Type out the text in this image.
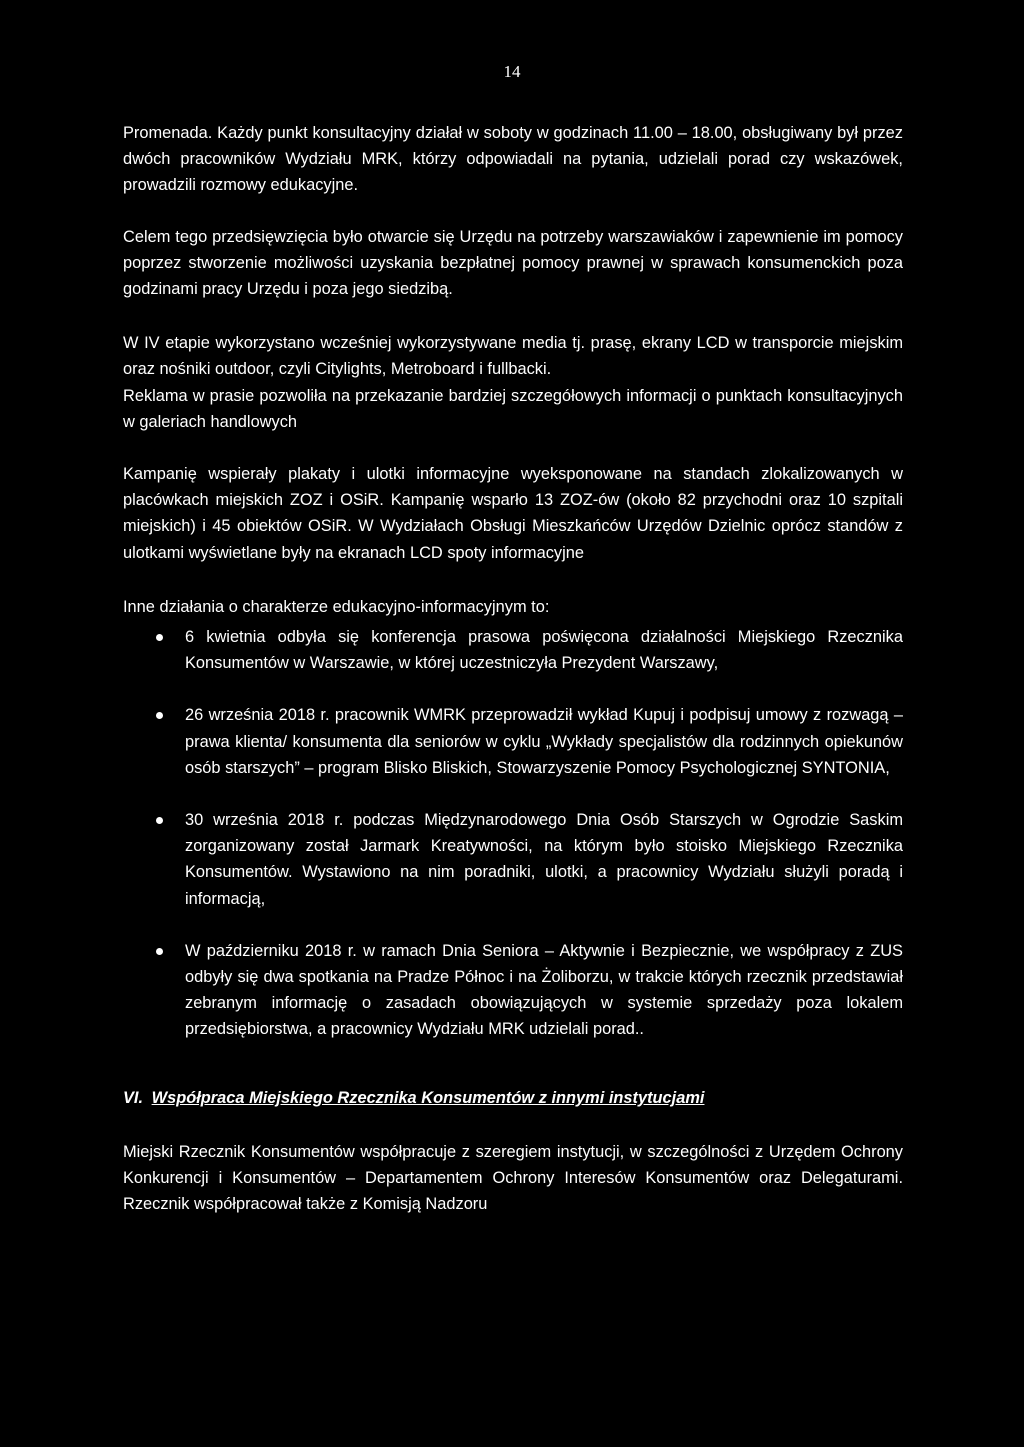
14

Promenada. Każdy punkt konsultacyjny działał w soboty w godzinach 11.00 – 18.00, obsługiwany był przez dwóch pracowników Wydziału MRK, którzy odpowiadali na pytania, udzielali porad czy wskazówek, prowadzili rozmowy edukacyjne.

Celem tego przedsięwzięcia było otwarcie się Urzędu na potrzeby warszawiaków i zapewnienie im pomocy poprzez stworzenie możliwości uzyskania bezpłatnej pomocy prawnej w sprawach konsumenckich poza godzinami pracy Urzędu i poza jego siedzibą.

W IV etapie wykorzystano wcześniej wykorzystywane media tj. prasę, ekrany LCD w transporcie miejskim oraz nośniki outdoor, czyli Citylights, Metroboard i fullbacki.

Reklama w prasie pozwoliła na przekazanie bardziej szczegółowych informacji o punktach konsultacyjnych w galeriach handlowych

Kampanię wspierały plakaty i ulotki informacyjne wyeksponowane na standach zlokalizowanych w placówkach miejskich ZOZ i OSiR. Kampanię wsparło 13 ZOZ-ów (około 82 przychodni oraz 10 szpitali miejskich) i 45 obiektów OSiR. W Wydziałach Obsługi Mieszkańców Urzędów Dzielnic oprócz standów z ulotkami wyświetlane były na ekranach LCD spoty informacyjne

Inne działania o charakterze edukacyjno-informacyjnym to:

6 kwietnia odbyła się konferencja prasowa poświęcona działalności Miejskiego Rzecznika Konsumentów w Warszawie, w której uczestniczyła Prezydent Warszawy,
26 września 2018 r. pracownik WMRK przeprowadził wykład Kupuj i podpisuj umowy z rozwagą – prawa klienta/ konsumenta dla seniorów w cyklu „Wykłady specjalistów dla rodzinnych opiekunów osób starszych” – program Blisko Bliskich, Stowarzyszenie Pomocy Psychologicznej SYNTONIA,
30 września 2018 r. podczas Międzynarodowego Dnia Osób Starszych w Ogrodzie Saskim zorganizowany został Jarmark Kreatywności, na którym było stoisko Miejskiego Rzecznika Konsumentów. Wystawiono na nim poradniki, ulotki, a pracownicy Wydziału służyli poradą i informacją,
W październiku 2018 r. w ramach Dnia Seniora – Aktywnie i Bezpiecznie, we współpracy z ZUS odbyły się dwa spotkania na Pradze Północ i na Żoliborzu, w trakcie których rzecznik przedstawiał zebranym informację o zasadach obowiązujących w systemie sprzedaży poza lokalem przedsiębiorstwa, a pracownicy Wydziału MRK udzielali porad..
VI. Współpraca Miejskiego Rzecznika Konsumentów z innymi instytucjami

Miejski Rzecznik Konsumentów współpracuje z szeregiem instytucji, w szczególności z Urzędem Ochrony Konkurencji i Konsumentów – Departamentem Ochrony Interesów Konsumentów oraz Delegaturami. Rzecznik współpracował także z Komisją Nadzoru
